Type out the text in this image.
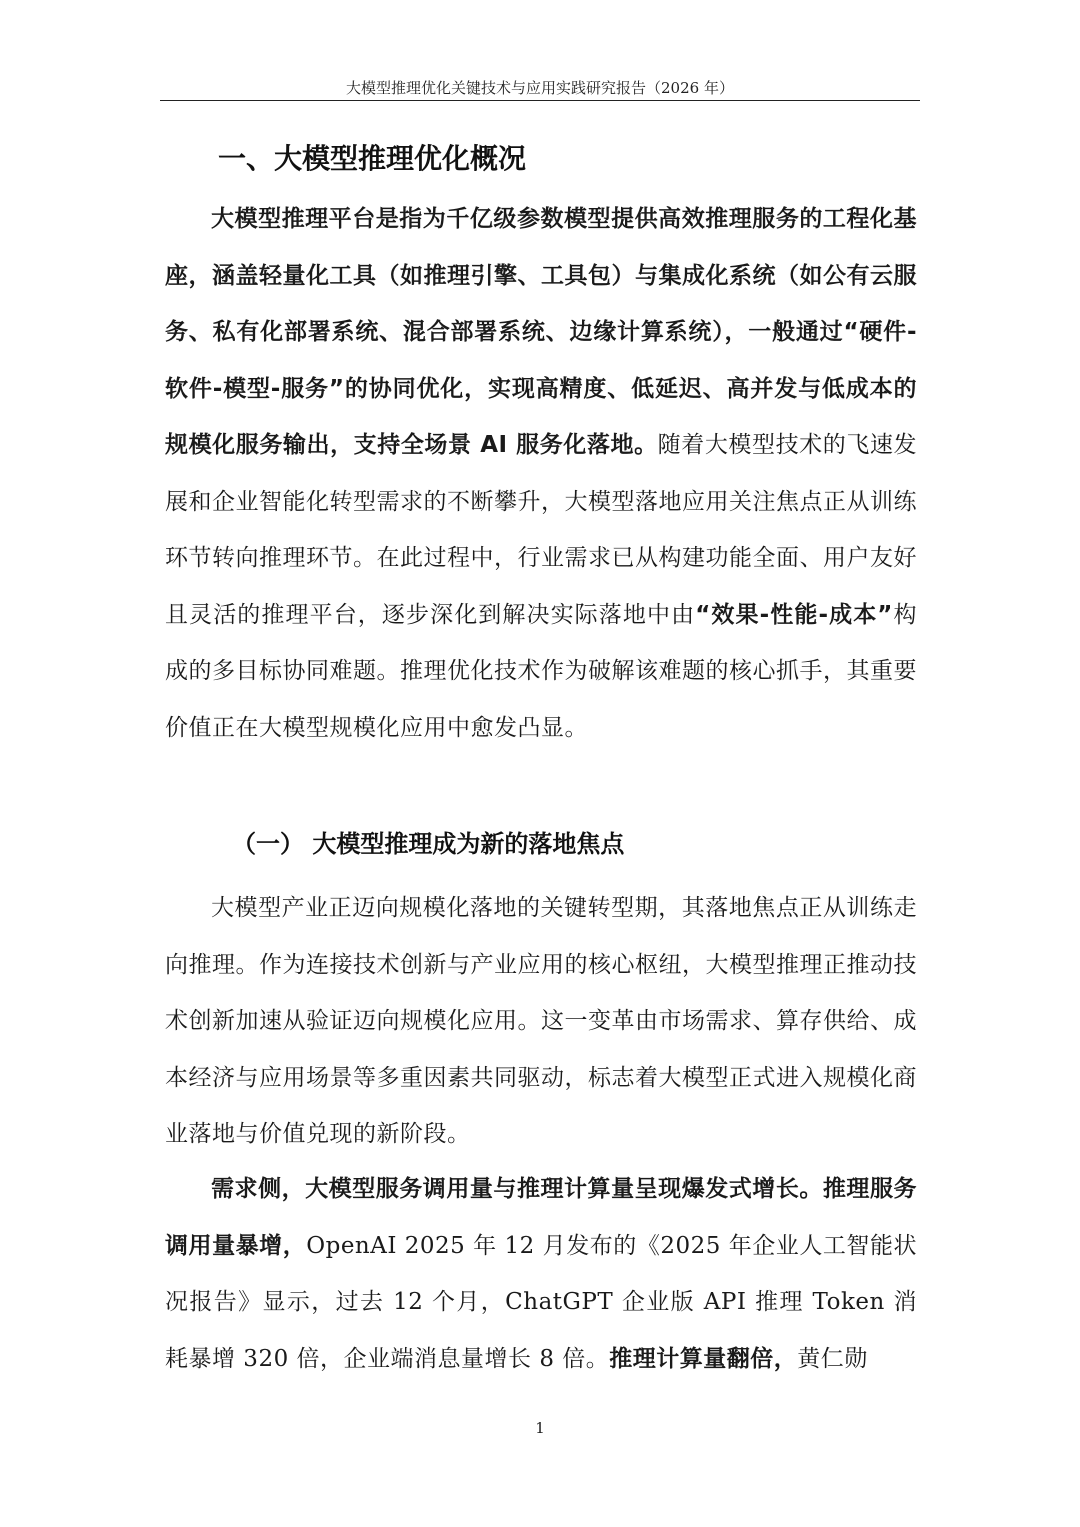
大模型推理优化关键技术与应用实践研究报告（2026 年）
一、大模型推理优化概况

大模型推理平台是指为千亿级参数模型提供高效推理服务的工程化基座，涵盖轻量化工具（如推理引擎、工具包）与集成化系统（如公有云服务、私有化部署系统、混合部署系统、边缘计算系统），一般通过“硬件-软件-模型-服务”的协同优化，实现高精度、低延迟、高并发与低成本的规模化服务输出，支持全场景 AI 服务化落地。随着大模型技术的飞速发展和企业智能化转型需求的不断攀升，大模型落地应用关注焦点正从训练环节转向推理环节。在此过程中，行业需求已从构建功能全面、用户友好且灵活的推理平台，逐步深化到解决实际落地中由“效果-性能-成本”构成的多目标协同难题。推理优化技术作为破解该难题的核心抓手，其重要价值正在大模型规模化应用中愈发凸显。

（一） 大模型推理成为新的落地焦点

大模型产业正迈向规模化落地的关键转型期，其落地焦点正从训练走向推理。作为连接技术创新与产业应用的核心枢纽，大模型推理正推动技术创新加速从验证迈向规模化应用。这一变革由市场需求、算存供给、成本经济与应用场景等多重因素共同驱动，标志着大模型正式进入规模化商业落地与价值兑现的新阶段。

需求侧，大模型服务调用量与推理计算量呈现爆发式增长。推理服务调用量暴增，OpenAI 2025 年 12 月发布的《2025 年企业人工智能状况报告》显示，过去 12 个月，ChatGPT 企业版 API 推理 Token 消耗暴增 320 倍，企业端消息量增长 8 倍。推理计算量翻倍，黄仁勋

1
